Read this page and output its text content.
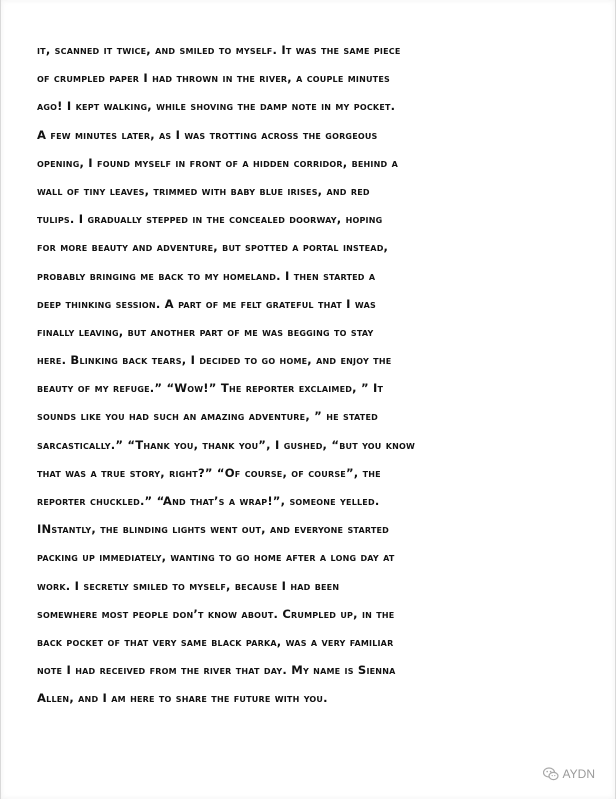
it, scanned it twice, and smiled to myself. It was the same piece
of crumpled paper I had thrown in the river, a couple minutes
ago! I kept walking, while shoving the damp note in my pocket.
A few minutes later, as I was trotting across the gorgeous
opening, I found myself in front of a hidden corridor, behind a
wall of tiny leaves, trimmed with baby blue irises, and red
tulips. I gradually stepped in the concealed doorway, hoping
for more beauty and adventure, but spotted a portal instead,
probably bringing me back to my homeland. I then started a
deep thinking session. A part of me felt grateful that I was
finally leaving, but another part of me was begging to stay
here. Blinking back tears, I decided to go home, and enjoy the
beauty of my refuge.” “Wow!” The reporter exclaimed, ” It
sounds like you had such an amazing adventure, ” he stated
sarcastically.” “Thank you, thank you”, I gushed, “but you know
that was a true story, right?” “Of course, of course”, the
reporter chuckled.” “And that’s a wrap!”, someone yelled.
INstantly, the blinding lights went out, and everyone started
packing up immediately, wanting to go home after a long day at
work. I secretly smiled to myself, because I had been
somewhere most people don’t know about. Crumpled up, in the
back pocket of that very same black parka, was a very familiar
note I had received from the river that day. My name is Sienna
Allen, and I am here to share the future with you.
AYDN
